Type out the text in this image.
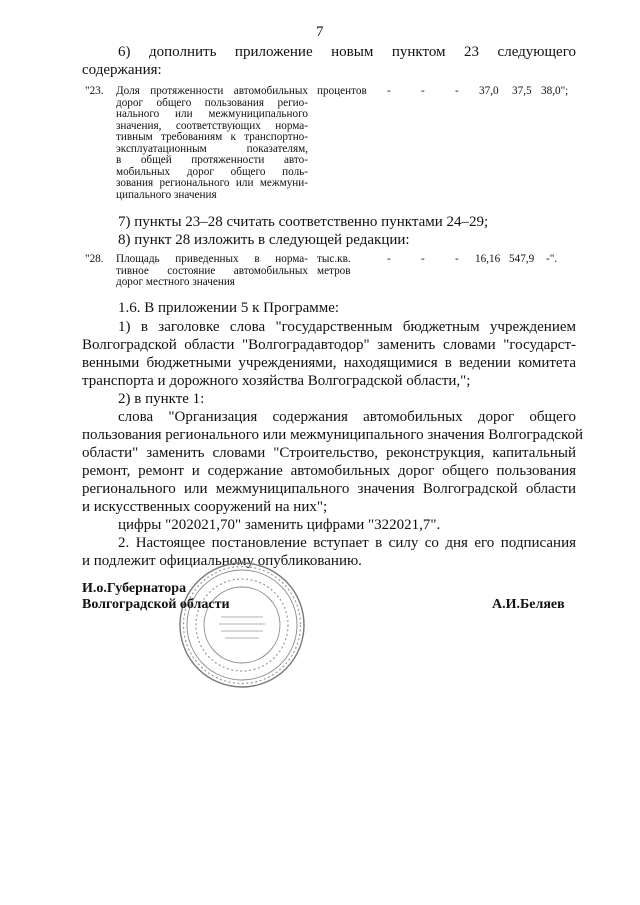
7
6) дополнить приложение новым пунктом 23 следующего
содержания:
"23. Доля протяженности автомобильных
дорог общего пользования регио-
нального или межмуниципального
значения, соответствующих норма-
тивным требованиям к транспортно-
эксплуатационным показателям,
в общей протяженности авто-
мобильных дорог общего поль-
зования регионального или межмуни-
ципального значения
процентов -	-	- 37,0 37,5 38,0";
7) пункты 23–28 считать соответственно пунктами 24–29;
8) пункт 28 изложить в следующей редакции:
"28. Площадь приведенных в норма-
тивное состояние автомобильных
дорог местного значения
тыс.кв.
метров
-	-	- 16,16 547,9 -".
1.6. В приложении 5 к Программе:
1) в заголовке слова "государственным бюджетным учреждением
Волгоградской области "Волгоградавтодор" заменить словами "государст-
венными бюджетными учреждениями, находящимися в ведении комитета
транспорта и дорожного хозяйства Волгоградской области,";
2) в пункте 1:
слова "Организация содержания автомобильных дорог общего
пользования регионального или межмуниципального значения Волгоградской
области" заменить словами "Строительство, реконструкция, капитальный
ремонт, ремонт и содержание автомобильных дорог общего пользования
регионального или межмуниципального значения Волгоградской области
и искусственных сооружений на них";
цифры "202021,70" заменить цифрами "322021,7".
2. Настоящее постановление вступает в силу со дня его подписания
и подлежит официальному опубликованию.
И.о.Губернатора
Волгоградской области	А.И.Беляев
